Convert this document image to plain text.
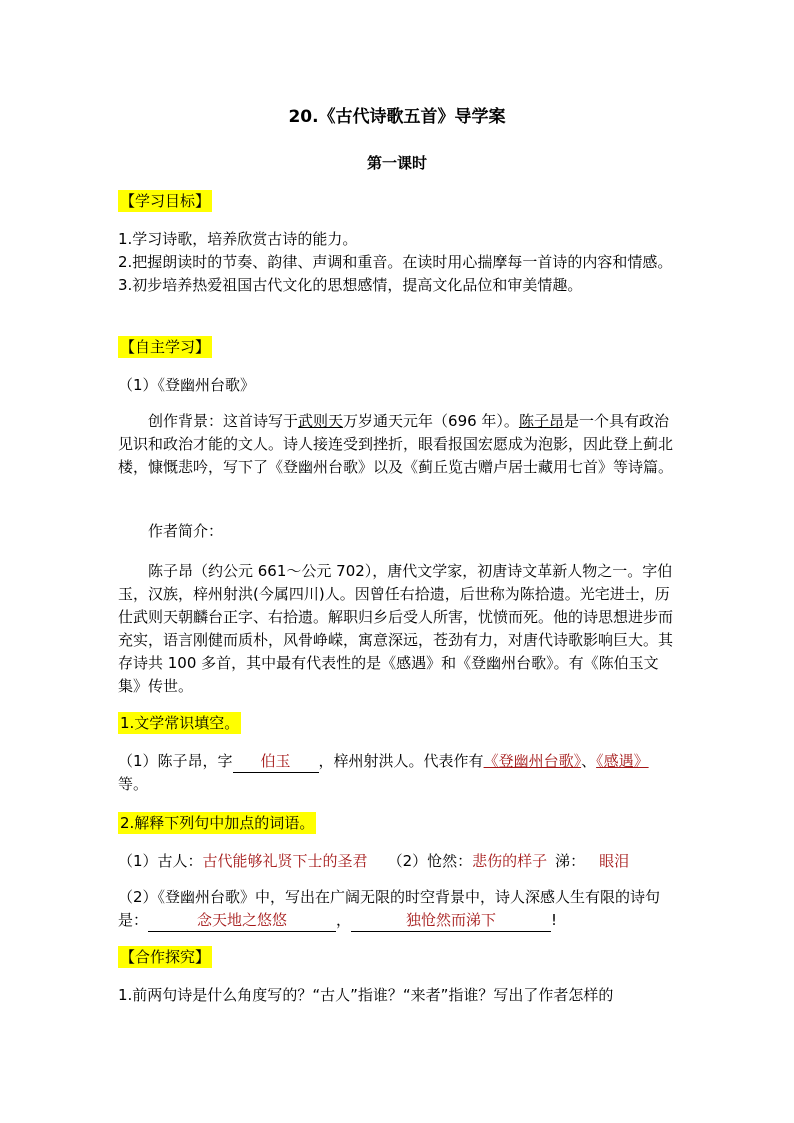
20.《古代诗歌五首》导学案
第一课时
【学习目标】
1.学习诗歌，培养欣赏古诗的能力。
2.把握朗读时的节奏、韵律、声调和重音。在读时用心揣摩每一首诗的内容和情感。
3.初步培养热爱祖国古代文化的思想感情，提高文化品位和审美情趣。
【自主学习】
（1）《登幽州台歌》
创作背景：这首诗写于武则天万岁通天元年（696 年）。陈子昂是一个具有政治见识和政治才能的文人。诗人接连受到挫折，眼看报国宏愿成为泡影，因此登上蓟北楼，慷慨悲吟，写下了《登幽州台歌》以及《蓟丘览古赠卢居士藏用七首》等诗篇。
作者简介：
陈子昂（约公元 661～公元 702），唐代文学家，初唐诗文革新人物之一。字伯玉，汉族，梓州射洪(今属四川)人。因曾任右拾遗，后世称为陈拾遗。光宅进士，历仕武则天朝麟台正字、右拾遗。解职归乡后受人所害，忧愤而死。他的诗思想进步而充实，语言刚健而质朴，风骨峥嵘，寓意深远，苍劲有力，对唐代诗歌影响巨大。其存诗共 100 多首，其中最有代表性的是《感遇》和《登幽州台歌》。有《陈伯玉文集》传世。
1.文学常识填空。
（1）陈子昂，字 伯玉 ，梓州射洪人。代表作有《登幽州台歌》、《感遇》等。
2.解释下列句中加点的词语。
（1）古人：古代能够礼贤下士的圣君 （2）怆然：悲伤的样子 涕： 眼泪
（2）《登幽州台歌》中，写出在广阔无限的时空背景中，诗人深感人生有限的诗句是：	念天地之悠悠	，	独怆然而涕下	!
【合作探究】
1.前两句诗是什么角度写的？“古人”指谁？“来者”指谁？写出了作者怎样的
